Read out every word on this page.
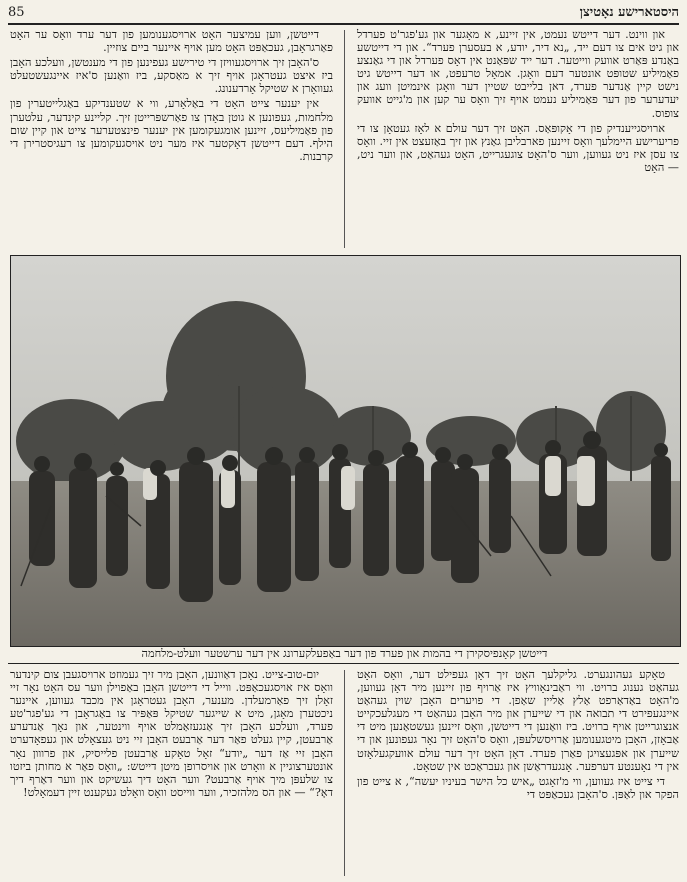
85	היסטארישע נאָטיצן

און ווינט. דער דייטש נעמט, אין זיינע, א מאָגער און גע'פגר'ט פערדל און גיט אים צו דעם ייד, „נא דיר, יודע, א בעסערן פערד“. און די דייטשע באַנדע פּאַרט אוועק ווייטער. דער ייד שפּאַנט אין דאָס פערדל און די גאַנצע פאַמיליע שטופּט אונטער דעם וואָגן. אמאָל טרעפט, או דער דייטש גיט נישט קיין אַנדער פערד, דאן בלייבט שטיין דער וואָגן אינמיטן וועג און יעדערער פון דער פאַמיליע נעמט אויף זיך וואָס ער קען און מ'גייט אוועק צופוס.

ארויסגייענדיק פון די אָקופּאַס. האָט זיך דער עולם א לאָז געטאָן צו די פריערישע היימלעך וואָס זיינען פארבליבן גאַנץ און זיך באַזעצט אין זיי. וואָס צו עסן איז ניט געווען, ווער ס'האָט צוגעגרייט, האָט געהאַט, און ווער ניט, — האָט

דייטשן, ווען עמיצער האָט ארויסגענומען פון דער ערד וואָס ער האָט פאַרגראָבן, געכאַפּט האָט מען אויף איינער ביים צוזיין.

ס'האָבן זיך ארויסגעוויזן די טירישע געפינען פון די מענטשן, וועלכע האָבן ביז איצט געטראָגן אויף זיך א מאַסקע, ביז וואַנען ס'איז איינגעשטעלט געוואָרן א שטיקל אָרדענונג.

אין יענער צייט האָט די באַלאָרע, ווי א שטענדיקע באַגלייטערין פון מלחמות, געפונען א גוטן באָדן צו פאַרשפּרייטן זיך. קליינע קינדער, עלטערן פון פאַמיליעס, זיינען אומגעקומען אין יענער פינצטערער צייט און קיין שום הילף. דעם דייטשן דאָקטער איז מער ניט אויסגעקומען צו רעגיסטרירן די קרבנות.

דייטשן קאָנפיסקירן די בהמות און פערד פון דער באַפעלקערונג אין דער ערשטער וועלט-מלחמה

טאָקע געהונגערט. גליקלעך האָט זיך דאָן געפילט דער, וואָס האָט געהאַט גענוג ברויט. ווי ראַבינאָוויץ איז אַרויף פון זיינען מיר דאָן געווען, מ'האָט באַדאַרפט אַלץ אַליין שאַפן. די פויערים האָבן שוין געהאַט איינגעפירט די תבואה און די שייערן און מיר האָבן געהאַט די מעגלעכקייט אנצוגרייטן אויף ברויט. ביז וואַנען די דייטשן, וואָס זיינען געשטאַנען מיט די אַבאָזן, האָבן מיטגענומען אַרויסשלעפּן, וואָס ס'האָט זיך נאָר געפונען און די שייערן און אפּגעצויגן פאַרן פערד. דאָן האָט זיך דער עולם אוועקגעלאָזט אין די נאָענטע דערפער. אָנגעדראַשן און געבראַכט אין שטאָט.

די צייט איז געווען, ווי מ'זאָגט „איש כל הישר בעיניו יעשה“, א צייט פון הפקר און לאַפּן. ס'האָבן געכאַפּט די

יום-טוב-צייט. נאָכן דאַוונען, האָבן מיר זיך געמוזט ארויסגעבן צום קינדער וואָס איז אויסגעכאַפּט. ווייל די דייטשן האָבן באַפוילן ווער עס האָט נאָר זיי זאָלן זיך פאַרמעלדן. מענער, האָבן געטראָגן אין מכבד געווען, איינער ניכטערן מאָגן, מיט א שייגער שטיקל פּאַפּיר צו באַגראָבן די גע'פגר'טע פערד, וועלכע האָבן זיך אַנגעזאַמלט אויף ווינטער, און נאָך אַנדערע אַרבעטן, קיין געלט פאַר דער אַרבעט האָבן זיי ניט געצאָלט און געפאָדערט האָבן זיי אַז דער „יודע“ זאָל טאָקע אַרבעטן פלייסיק, און פרווון נאָר אונטערצוגיין א וואָרט און אויסרופן מיטן דייטש: „וואָס פאַר א מחותן ביזטו צו שלעפּן מיך אויף אַרבעט? ווער האָט דיך געשיקט און ווער דאַרף דיך דאָ?“ — און הס מלהזכיר, ווער ווייסט וואָס וואָלט געקענט זיין דעמאָלט!
